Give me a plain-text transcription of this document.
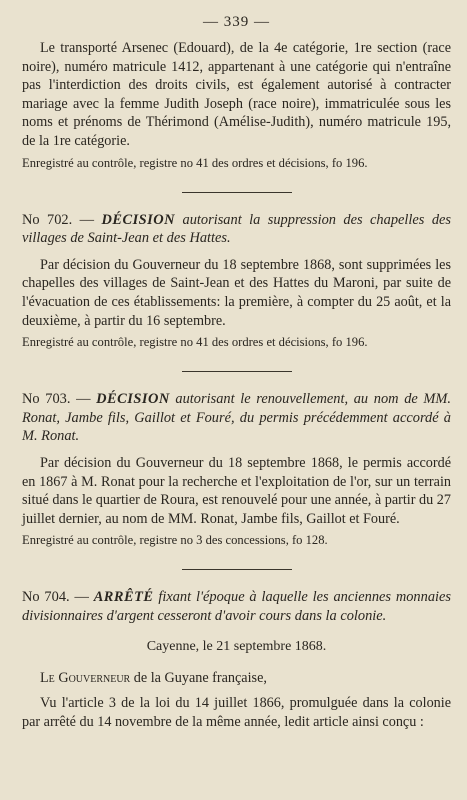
— 339 —

Le transporté Arsenec (Edouard), de la 4e catégorie, 1re section (race noire), numéro matricule 1412, appartenant à une catégorie qui n'entraîne pas l'interdiction des droits civils, est également autorisé à contracter mariage avec la femme Judith Joseph (race noire), immatriculée sous les noms et prénoms de Thérimond (Amélise-Judith), numéro matricule 195, de la 1re catégorie.

Enregistré au contrôle, registre no 41 des ordres et décisions, fo 196.

No 702. — DÉCISION autorisant la suppression des chapelles des villages de Saint-Jean et des Hattes.

Par décision du Gouverneur du 18 septembre 1868, sont supprimées les chapelles des villages de Saint-Jean et des Hattes du Maroni, par suite de l'évacuation de ces établissements: la première, à compter du 25 août, et la deuxième, à partir du 16 septembre.

Enregistré au contrôle, registre no 41 des ordres et décisions, fo 196.

No 703. — DÉCISION autorisant le renouvellement, au nom de MM. Ronat, Jambe fils, Gaillot et Fouré, du permis précédemment accordé à M. Ronat.

Par décision du Gouverneur du 18 septembre 1868, le permis accordé en 1867 à M. Ronat pour la recherche et l'exploitation de l'or, sur un terrain situé dans le quartier de Roura, est renouvelé pour une année, à partir du 27 juillet dernier, au nom de MM. Ronat, Jambe fils, Gaillot et Fouré.

Enregistré au contrôle, registre no 3 des concessions, fo 128.

No 704. — ARRÊTÉ fixant l'époque à laquelle les anciennes monnaies divisionnaires d'argent cesseront d'avoir cours dans la colonie.

Cayenne, le 21 septembre 1868.

Le Gouverneur de la Guyane française,

Vu l'article 3 de la loi du 14 juillet 1866, promulguée dans la colonie par arrêté du 14 novembre de la même année, ledit article ainsi conçu :
